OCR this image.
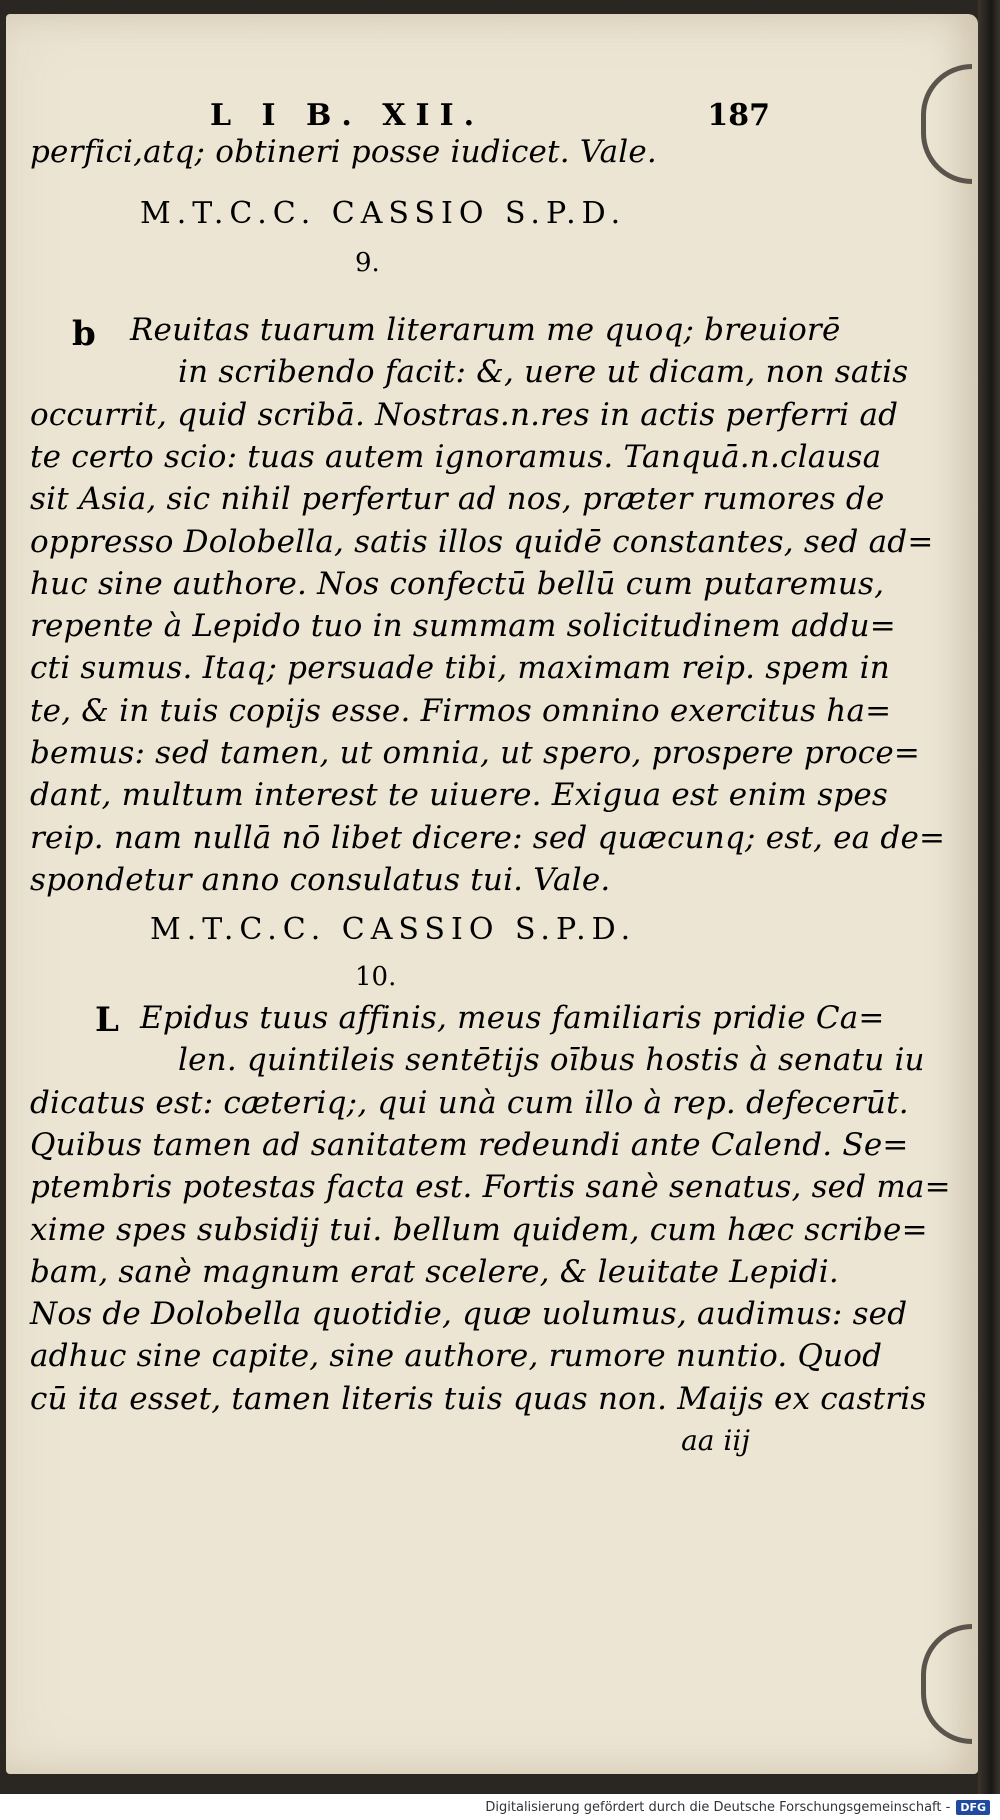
L I B. XII.	187
perfici,atq; obtineri posse iudicet. Vale.
M.T.C.C. CASSIO S.P.D.
9.
b Reuitas tuarum literarum me quoq; breuiorē
in scribendo facit: &, uere ut dicam, non satis
occurrit, quid scribā. Nostras.n.res in actis perferri ad
te certo scio: tuas autem ignoramus. Tanquā.n.clausa
sit Asia, sic nihil perfertur ad nos, præter rumores de
oppresso Dolobella, satis illos quidē constantes, sed ad=
huc sine authore. Nos confectū bellū cum putaremus,
repente à Lepido tuo in summam solicitudinem addu=
cti sumus. Itaq; persuade tibi, maximam reip. spem in
te, & in tuis copijs esse. Firmos omnino exercitus ha=
bemus: sed tamen, ut omnia, ut spero, prospere proce=
dant, multum interest te uiuere. Exigua est enim spes
reip. nam nullā nō libet dicere: sed quæcunq; est, ea de=
spondetur anno consulatus tui. Vale.
M.T.C.C. CASSIO S.P.D.
10.
L Epidus tuus affinis, meus familiaris pridie Ca=
len. quintileis sentētijs oībus hostis à senatu iu
dicatus est: cæteriq;, qui unà cum illo à rep. defecerūt.
Quibus tamen ad sanitatem redeundi ante Calend. Se=
ptembris potestas facta est. Fortis sanè senatus, sed ma=
xime spes subsidij tui. bellum quidem, cum hæc scribe=
bam, sanè magnum erat scelere, & leuitate Lepidi.
Nos de Dolobella quotidie, quæ uolumus, audimus: sed
adhuc sine capite, sine authore, rumore nuntio. Quod
cū ita esset, tamen literis tuis quas non. Maijs ex castris
aa iij
Digitalisierung gefördert durch die Deutsche Forschungsgemeinschaft - DFG
